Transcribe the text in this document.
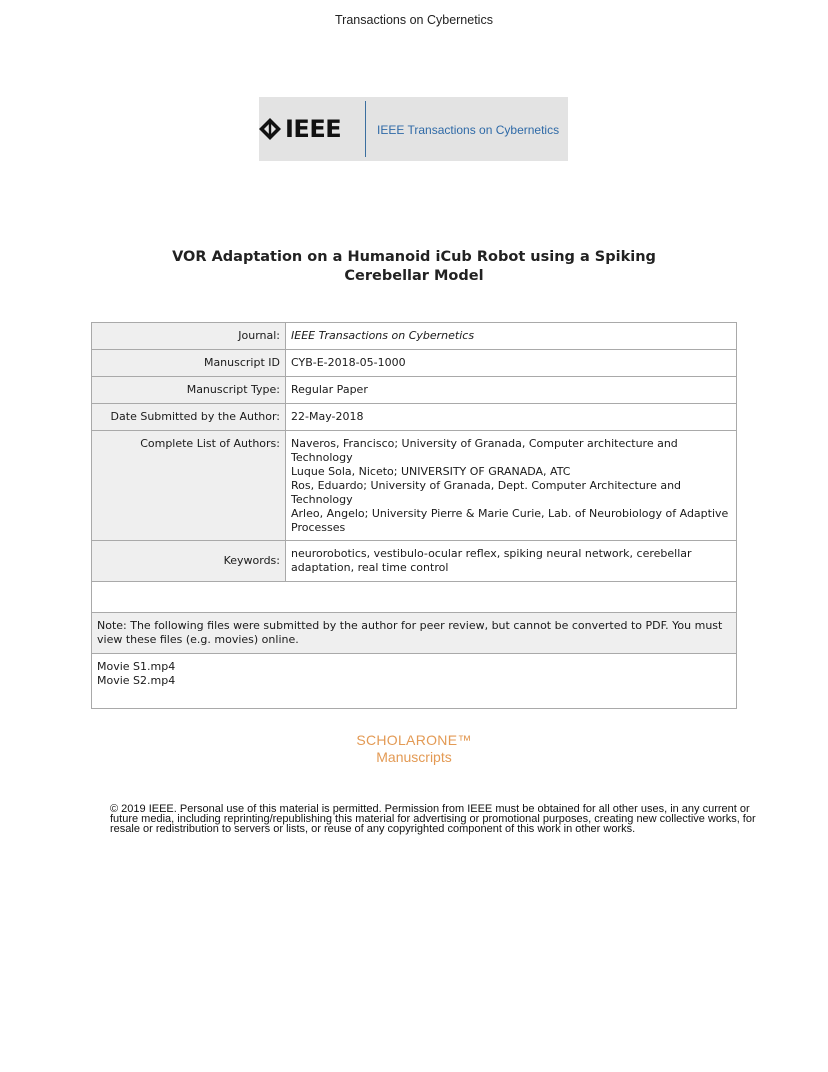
Transactions on Cybernetics
IEEE	IEEE Transactions on Cybernetics
VOR Adaptation on a Humanoid iCub Robot using a Spiking
Cerebellar Model
Journal:	IEEE Transactions on Cybernetics
Manuscript ID	CYB-E-2018-05-1000
Manuscript Type:	Regular Paper
Date Submitted by the Author:	22-May-2018
Complete List of Authors:	Naveros, Francisco; University of Granada, Computer architecture and Technology

Luque Sola, Niceto; UNIVERSITY OF GRANADA, ATC

Ros, Eduardo; University of Granada, Dept. Computer Architecture and Technology

Arleo, Angelo; University Pierre & Marie Curie, Lab. of Neurobiology of Adaptive Processes

Keywords:	neurorobotics, vestibulo-ocular reflex, spiking neural network, cerebellar adaptation, real time control

Note: The following files were submitted by the author for peer review, but cannot be converted to PDF. You must view these files (e.g. movies) online.	

Movie S1.mp4
Movie S2.mp4	
SCHOLARONE™
Manuscripts
© 2019 IEEE. Personal use of this material is permitted. Permission from IEEE must be obtained for all other uses, in any current or future media, including reprinting/republishing this material for advertising or promotional purposes, creating new collective works, for resale or redistribution to servers or lists, or reuse of any copyrighted component of this work in other works.
